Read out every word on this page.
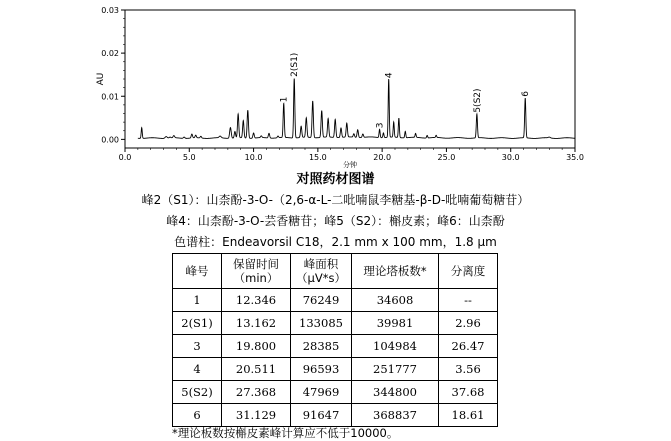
0.00
0.01
0.02
0.03
0.0	5.0	10.0	15.0	20.0	25.0	30.0	35.0
AU
分钟
1
2(S1)
3
4
5(S2)	6
对照药材图谱
峰2（S1）：山柰酚-3-O-（2,6-α-L-二吡喃鼠李糖基-β-D-吡喃葡萄糖苷）
峰4：山柰酚-3-O-芸香糖苷；峰5（S2）：槲皮素；峰6：山柰酚
色谱柱：Endeavorsil C18，2.1 mm x 100 mm，1.8 μm
峰号	保留时间（min）	峰面积（μV*s）	理论塔板数*	分离度
1	12.346	76249	34608	--
2(S1)	13.162	133085	39981	2.96
3	19.800	28385	104984	26.47
4	20.511	96593	251777	3.56
5(S2)	27.368	47969	344800	37.68
6	31.129	91647	368837	18.61
*理论板数按槲皮素峰计算应不低于10000。
